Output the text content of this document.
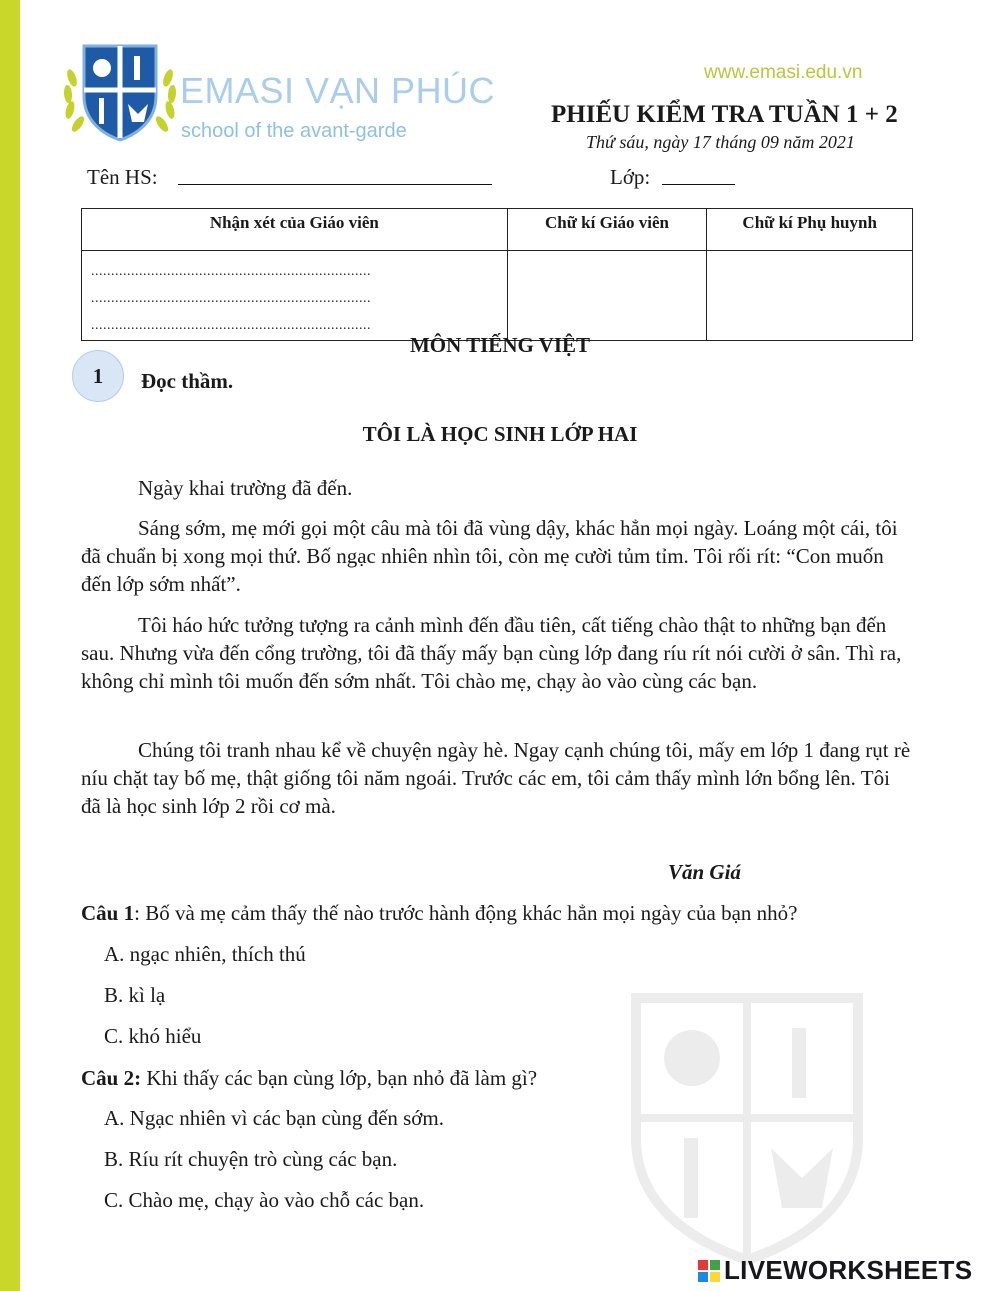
EMASI VẠN PHÚC
school of the avant-garde
www.emasi.edu.vn
PHIẾU KIỂM TRA TUẦN 1 + 2
Thứ sáu, ngày 17 tháng 09 năm 2021
Tên HS:	Lớp:
Nhận xét của Giáo viên	Chữ kí Giáo viên	Chữ kí Phụ huynh

......................................................................
......................................................................
......................................................................		

MÔN TIẾNG VIỆT
1	Đọc thầm.
TÔI LÀ HỌC SINH LỚP HAI

Ngày khai trường đã đến.

Sáng sớm, mẹ mới gọi một câu mà tôi đã vùng dậy, khác hẳn mọi ngày. Loáng một cái, tôi đã chuẩn bị xong mọi thứ. Bố ngạc nhiên nhìn tôi, còn mẹ cười tủm tỉm. Tôi rối rít: “Con muốn đến lớp sớm nhất”.

Tôi háo hức tưởng tượng ra cảnh mình đến đầu tiên, cất tiếng chào thật to những bạn đến sau. Nhưng vừa đến cổng trường, tôi đã thấy mấy bạn cùng lớp đang ríu rít nói cười ở sân. Thì ra, không chỉ mình tôi muốn đến sớm nhất. Tôi chào mẹ, chạy ào vào cùng các bạn.

Chúng tôi tranh nhau kể về chuyện ngày hè. Ngay cạnh chúng tôi, mấy em lớp 1 đang rụt rè níu chặt tay bố mẹ, thật giống tôi năm ngoái. Trước các em, tôi cảm thấy mình lớn bổng lên. Tôi đã là học sinh lớp 2 rồi cơ mà.

Văn Giá
Câu 1: Bố và mẹ cảm thấy thế nào trước hành động khác hẳn mọi ngày của bạn nhỏ?
A. ngạc nhiên, thích thú
B. kì lạ
C. khó hiểu
Câu 2: Khi thấy các bạn cùng lớp, bạn nhỏ đã làm gì?
A. Ngạc nhiên vì các bạn cùng đến sớm.
B. Ríu rít chuyện trò cùng các bạn.
C. Chào mẹ, chạy ào vào chỗ các bạn.
LIVEWORKSHEETS
